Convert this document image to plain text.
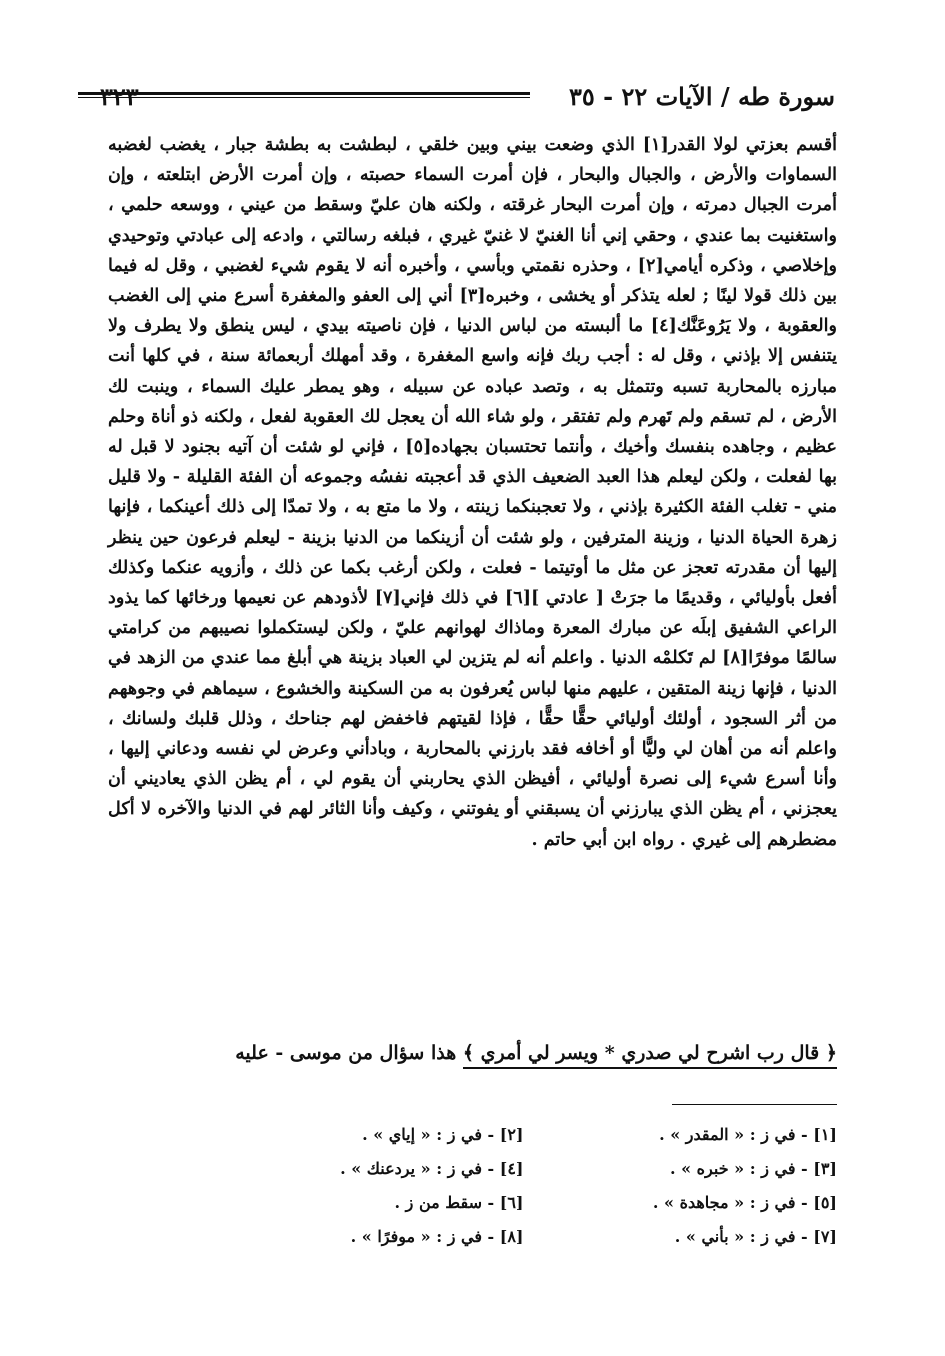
سورة طه / الآيات ٢٢ - ٣٥
٣٢٣

أقسم بعزتي لولا القدر[١] الذي وضعت بيني وبين خلقي ، لبطشت به بطشة جبار ، يغضب لغضبه السماوات والأرض ، والجبال والبحار ، فإن أمرت السماء حصبته ، وإن أمرت الأرض ابتلعته ، وإن أمرت الجبال دمرته ، وإن أمرت البحار غرقته ، ولكنه هان عليّ وسقط من عيني ، ووسعه حلمي ، واستغنيت بما عندي ، وحقي إني أنا الغنيّ لا غنيّ غيري ، فبلغه رسالتي ، وادعه إلى عبادتي وتوحيدي وإخلاصي ، وذكره أيامي[٢] ، وحذره نقمتي وبأسي ، وأخبره أنه لا يقوم شيء لغضبي ، وقل له فيما بين ذلك قولا لينًا ; لعله يتذكر أو يخشى ، وخبره[٣] أني إلى العفو والمغفرة أسرع مني إلى الغضب والعقوبة ، ولا يَرُوعَنَّك[٤] ما ألبسته من لباس الدنيا ، فإن ناصيته بيدي ، ليس ينطق ولا يطرف ولا يتنفس إلا بإذني ، وقل له : أجب ربك فإنه واسع المغفرة ، وقد أمهلك أربعمائة سنة ، في كلها أنت مبارزه بالمحاربة تسبه وتتمثل به ، وتصد عباده عن سبيله ، وهو يمطر عليك السماء ، وينبت لك الأرض ، لم تسقم ولم تَهرم ولم تفتقر ، ولو شاء الله أن يعجل لك العقوبة لفعل ، ولكنه ذو أناة وحلم عظيم ، وجاهده بنفسك وأخيك ، وأنتما تحتسبان بجهاده[٥] ، فإني لو شئت أن آتيه بجنود لا قبل له بها لفعلت ، ولكن ليعلم هذا العبد الضعيف الذي قد أعجبته نفسُه وجموعه أن الفئة القليلة - ولا قليل مني - تغلب الفئة الكثيرة بإذني ، ولا تعجبنكما زينته ، ولا ما متع به ، ولا تمدّا إلى ذلك أعينكما ، فإنها زهرة الحياة الدنيا ، وزينة المترفين ، ولو شئت أن أزينكما من الدنيا بزينة - ليعلم فرعون حين ينظر إليها أن مقدرته تعجز عن مثل ما أوتيتما - فعلت ، ولكن أرغب بكما عن ذلك ، وأزويه عنكما وكذلك أفعل بأوليائي ، وقديمًا ما جرَتْ [ عادتي ][٦] في ذلك فإني[٧] لأذودهم عن نعيمها ورخائها كما يذود الراعي الشفيق إبلَه عن مبارك المعرة وماذاك لهوانهم عليّ ، ولكن ليستكملوا نصيبهم من كرامتي سالمًا موفرًا[٨] لم تَكلمْه الدنيا . واعلم أنه لم يتزين لي العباد بزينة هي أبلغ مما عندي من الزهد في الدنيا ، فإنها زينة المتقين ، عليهم منها لباس يُعرفون به من السكينة والخشوع ، سيماهم في وجوههم من أثر السجود ، أولئك أوليائي حقًّا حقًّا ، فإذا لقيتهم فاخفض لهم جناحك ، وذلل قلبك ولسانك ، واعلم أنه من أهان لي وليًّا أو أخافه فقد بارزني بالمحاربة ، وبادأني وعرض لي نفسه ودعاني إليها ، وأنا أسرع شيء إلى نصرة أوليائي ، أفيظن الذي يحاربني أن يقوم لي ، أم يظن الذي يعاديني أن يعجزني ، أم يظن الذي يبارزني أن يسبقني أو يفوتني ، وكيف وأنا الثائر لهم في الدنيا والآخره لا أكل مضطرهم إلى غيري . رواه ابن أبي حاتم .

﴿ قال رب اشرح لي صدري * ويسر لي أمري ﴾ هذا سؤال من موسى - عليه
[١] - في ز : « المقدر » .
[٢] - في ز : « إياي » .
[٣] - في ز : « خبره » .
[٤] - في ز : « يردعنك » .
[٥] - في ز : « مجاهدة » .
[٦] - سقط من ز .
[٧] - في ز : « بأني » .
[٨] - في ز : « موفرًا » .
